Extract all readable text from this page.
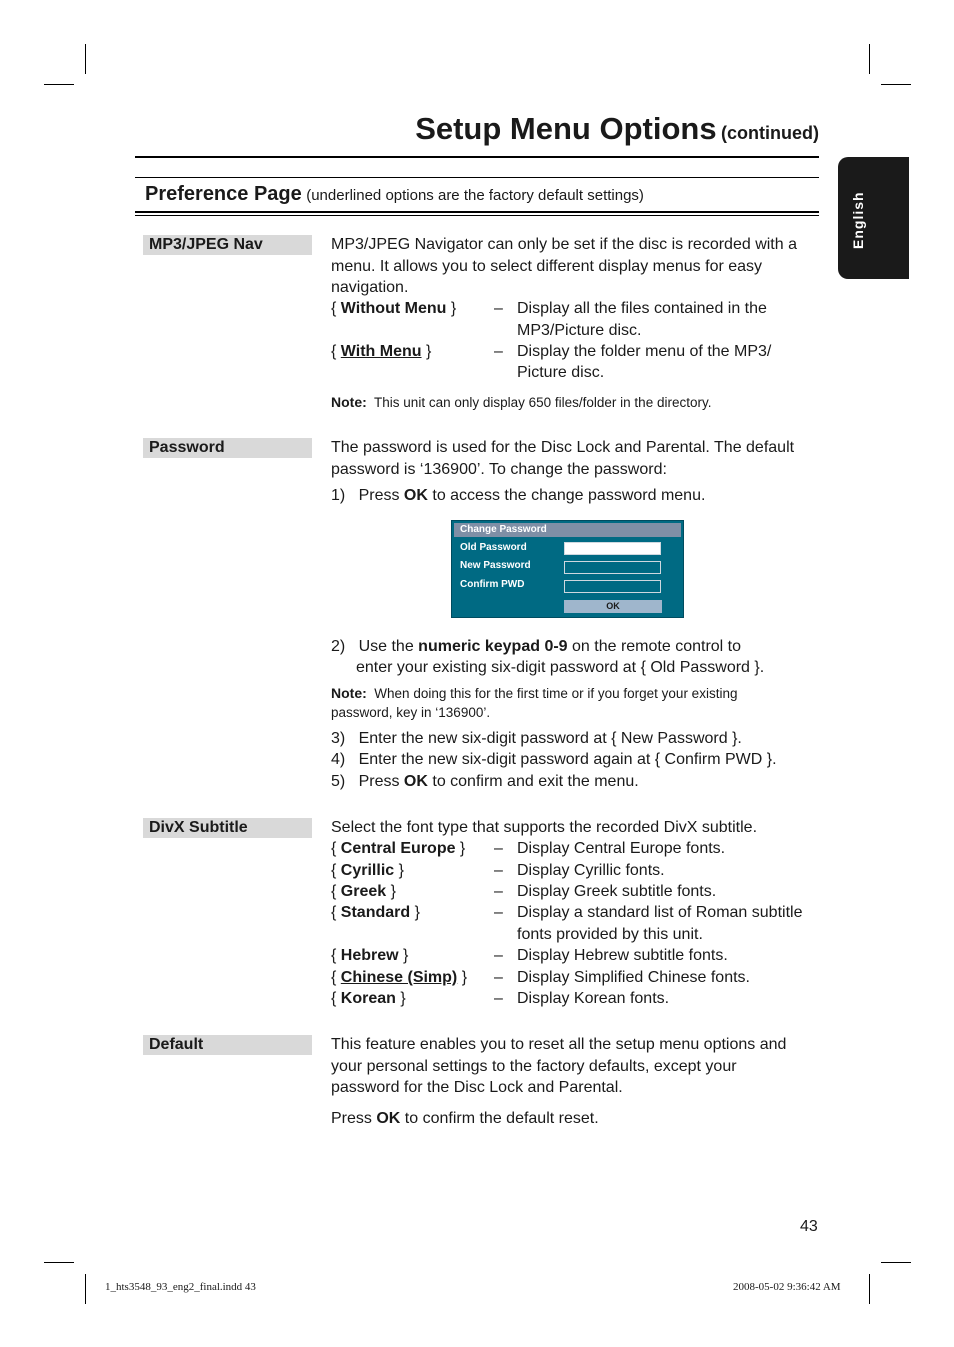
Setup Menu Options (continued)
English
Preference Page (underlined options are the factory default settings)
MP3/JPEG Nav	MP3/JPEG Navigator can only be set if the disc is recorded with a
menu. It allows you to select different display menus for easy
navigation.
{ Without Menu } – Display all the files contained in the
MP3/Picture disc.
{ With Menu }	– Display the folder menu of the MP3/
Picture disc.
Note: This unit can only display 650 files/folder in the directory.
Password	The password is used for the Disc Lock and Parental. The default
password is ‘136900’. To change the password:
1) Press OK to access the change password menu.
Change Password
Old Password
New Password
Confirm PWD
OK
2) Use the numeric keypad 0-9 on the remote control to
enter your existing six-digit password at { Old Password }.
Note: When doing this for the first time or if you forget your existing
password, key in ‘136900’.
3) Enter the new six-digit password at { New Password }.
4) Enter the new six-digit password again at { Confirm PWD }.
5) Press OK to confirm and exit the menu.
DivX Subtitle	Select the font type that supports the recorded DivX subtitle.
{ Central Europe } – Display Central Europe fonts.
{ Cyrillic }	– Display Cyrillic fonts.
{ Greek }	– Display Greek subtitle fonts.
{ Standard }	– Display a standard list of Roman subtitle
fonts provided by this unit.
{ Hebrew }	– Display Hebrew subtitle fonts.
{ Chinese (Simp) } – Display Simplified Chinese fonts.
{ Korean }	– Display Korean fonts.
Default	This feature enables you to reset all the setup menu options and
your personal settings to the factory defaults, except your
password for the Disc Lock and Parental.
Press OK to confirm the default reset.
43
1_hts3548_93_eng2_final.indd 43	2008-05-02 9:36:42 AM
